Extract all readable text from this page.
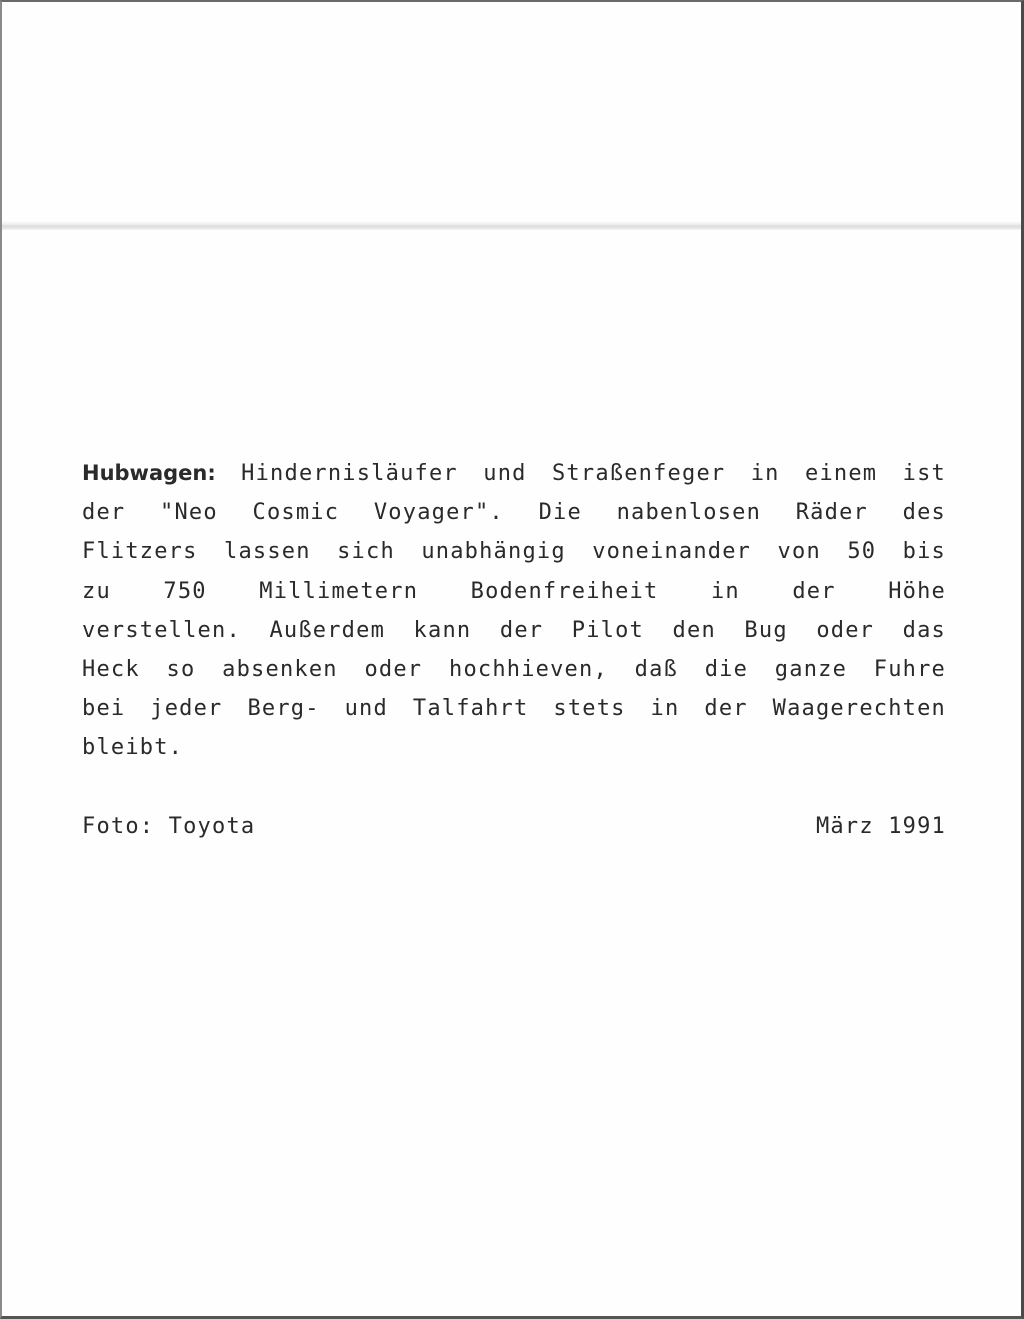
Hubwagen: Hindernisläufer und Straßenfeger in einem ist
der "Neo Cosmic Voyager". Die nabenlosen Räder des
Flitzers lassen sich unabhängig voneinander von 50 bis
zu 750 Millimetern Bodenfreiheit in der Höhe
verstellen. Außerdem kann der Pilot den Bug oder das
Heck so absenken oder hochhieven, daß die ganze Fuhre
bei jeder Berg- und Talfahrt stets in der Waagerechten
bleibt.
Foto: Toyota	März 1991
